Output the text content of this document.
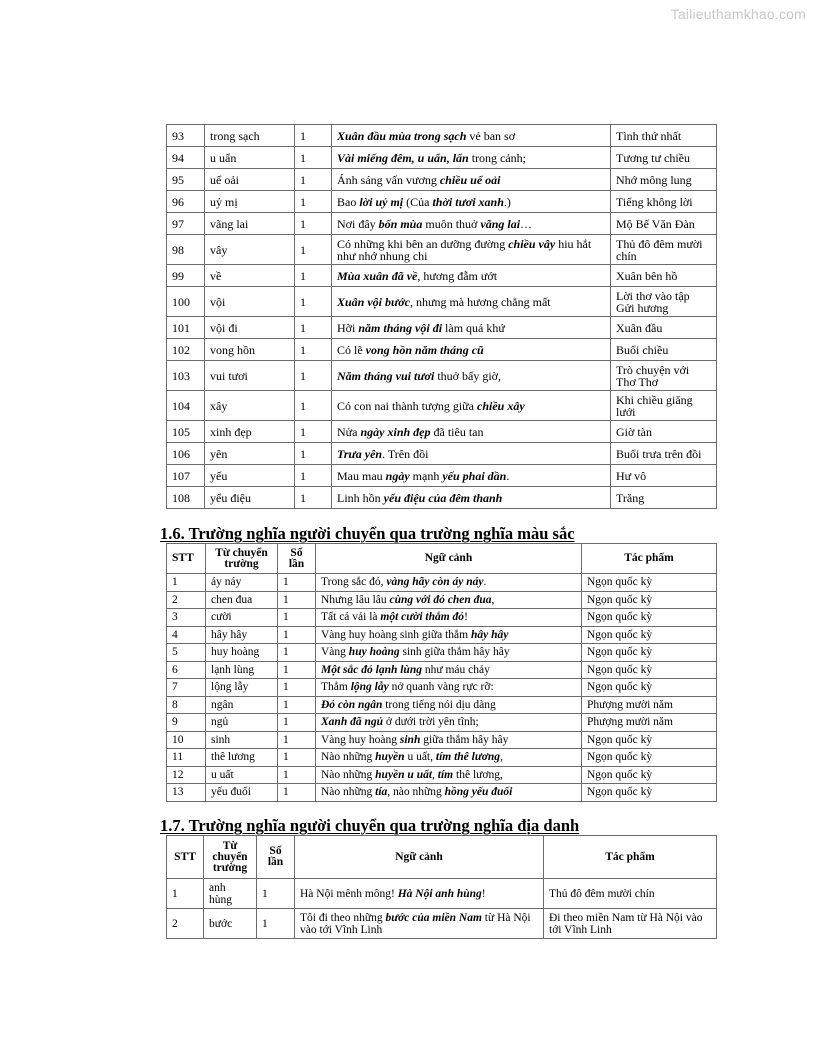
Tailieuthamkhao.com
93	trong sạch	1	Xuân đầu mùa trong sạch vẻ ban sơ	Tình thứ nhất
94	u uẩn	1	Vài miếng đêm, u uẩn, lẩn trong cảnh;	Tương tư chiều
95	uể oải	1	Ánh sáng vấn vương chiều uể oải	Nhớ mông lung
96	uỷ mị	1	Bao lời uỷ mị (Của thời tươi xanh.)	Tiếng không lời
97	vãng lai	1	Nơi đây bốn mùa muôn thuở vãng lai…	Mộ Bế Văn Đàn
98	vây	1	Có những khi bên an dưỡng đường chiều vây hiu hắt như nhớ nhung chi	Thủ đô đêm mười chín
99	về	1	Mùa xuân đã về, hương đẫm ướt	Xuân bên hồ
100	vội	1	Xuân vội bước, nhưng mà hương chẳng mất	Lời thơ vào tập Gửi hương
101	vội đi	1	Hỡi năm tháng vội đi làm quá khứ	Xuân đầu
102	vong hồn	1	Có lẽ vong hồn năm tháng cũ	Buổi chiều
103	vui tươi	1	Năm tháng vui tươi thuở bấy giờ,	Trò chuyện với Thơ Thơ
104	xây	1	Có con nai thành tượng giữa chiều xây	Khi chiều giăng lưới
105	xinh đẹp	1	Nửa ngày xinh đẹp đã tiêu tan	Giờ tàn
106	yên	1	Trưa yên. Trên đồi	Buổi trưa trên đồi
107	yếu	1	Mau mau ngày mạnh yếu phai dần.	Hư vô
108	yểu điệu	1	Linh hồn yểu điệu của đêm thanh	Trăng
1.6. Trường nghĩa người chuyển qua trường nghĩa màu sắc
STT	Từ chuyển trường	Số lần	Ngữ cảnh	Tác phẩm
1	áy náy	1	Trong sắc đỏ, vàng hãy còn áy náy.	Ngọn quốc kỳ
2	chen đua	1	Nhưng lâu lâu cùng với đỏ chen đua,	Ngọn quốc kỳ
3	cười	1	Tất cả vải là một cười thắm đỏ!	Ngọn quốc kỳ
4	hây hây	1	Vàng huy hoàng sinh giữa thắm hây hây	Ngọn quốc kỳ
5	huy hoàng	1	Vàng huy hoàng sinh giữa thắm hây hây	Ngọn quốc kỳ
6	lạnh lùng	1	Một sắc đỏ lạnh lùng như máu chảy	Ngọn quốc kỳ
7	lộng lẫy	1	Thắm lộng lẫy nở quanh vàng rực rỡ:	Ngọn quốc kỳ
8	ngân	1	Đỏ còn ngân trong tiếng nói dịu dàng	Phượng mười năm
9	ngủ	1	Xanh đã ngủ ở dưới trời yên tĩnh;	Phượng mười năm
10	sinh	1	Vàng huy hoàng sinh giữa thắm hây hây	Ngọn quốc kỳ
11	thê lương	1	Nào những huyền u uất, tím thê lương,	Ngọn quốc kỳ
12	u uất	1	Nào những huyền u uất, tím thê lương,	Ngọn quốc kỳ
13	yếu đuối	1	Nào những tía, nào những hồng yếu đuối	Ngọn quốc kỳ
1.7. Trường nghĩa người chuyển qua trường nghĩa địa danh
STT	Từ chuyển trường	Số lần	Ngữ cảnh	Tác phẩm
1	anh hùng	1	Hà Nội mênh mông! Hà Nội anh hùng!	Thủ đô đêm mười chín
2	bước	1	Tôi đi theo những bước của miền Nam từ Hà Nội vào tới Vĩnh Linh	Đi theo miền Nam từ Hà Nội vào tới Vĩnh Linh
